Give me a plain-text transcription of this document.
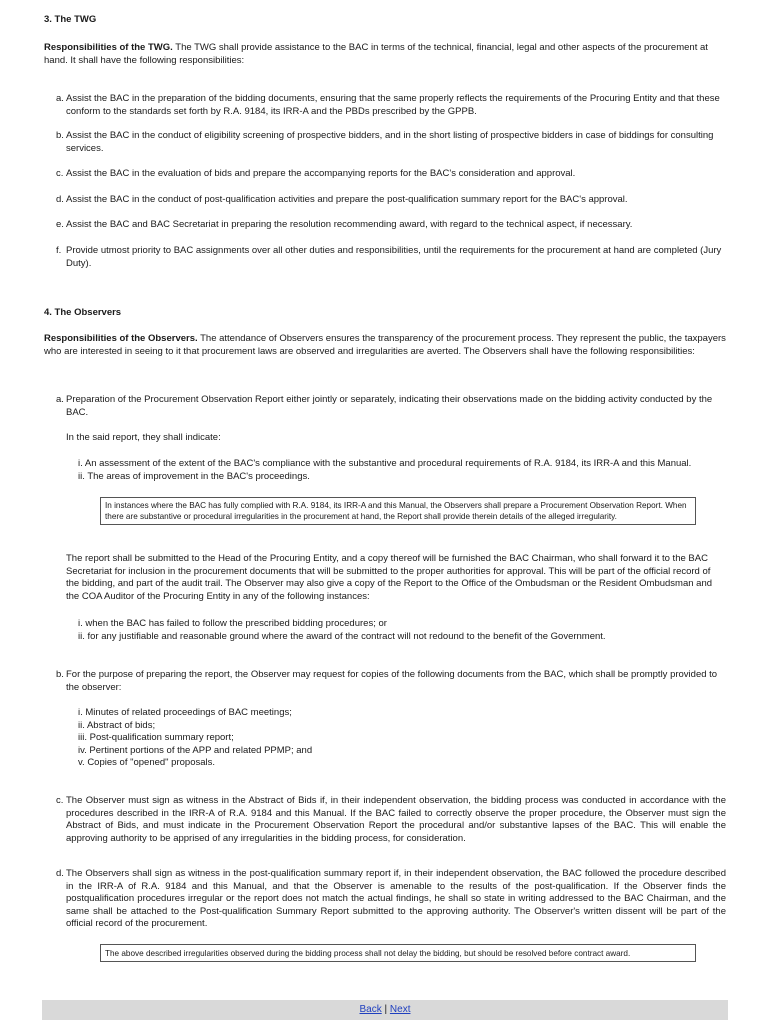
3. The TWG
Responsibilities of the TWG. The TWG shall provide assistance to the BAC in terms of the technical, financial, legal and other aspects of the procurement at hand. It shall have the following responsibilities:
a. Assist the BAC in the preparation of the bidding documents, ensuring that the same properly reflects the requirements of the Procuring Entity and that these conform to the standards set forth by R.A. 9184, its IRR-A and the PBDs prescribed by the GPPB.
b. Assist the BAC in the conduct of eligibility screening of prospective bidders, and in the short listing of prospective bidders in case of biddings for consulting services.
c. Assist the BAC in the evaluation of bids and prepare the accompanying reports for the BAC's consideration and approval.
d. Assist the BAC in the conduct of post-qualification activities and prepare the post-qualification summary report for the BAC's approval.
e. Assist the BAC and BAC Secretariat in preparing the resolution recommending award, with regard to the technical aspect, if necessary.
f. Provide utmost priority to BAC assignments over all other duties and responsibilities, until the requirements for the procurement at hand are completed (Jury Duty).
4. The Observers
Responsibilities of the Observers. The attendance of Observers ensures the transparency of the procurement process. They represent the public, the taxpayers who are interested in seeing to it that procurement laws are observed and irregularities are averted. The Observers shall have the following responsibilities:
a. Preparation of the Procurement Observation Report either jointly or separately, indicating their observations made on the bidding activity conducted by the BAC.
In the said report, they shall indicate:
i. An assessment of the extent of the BAC's compliance with the substantive and procedural requirements of R.A. 9184, its IRR-A and this Manual.
ii. The areas of improvement in the BAC's proceedings.
In instances where the BAC has fully complied with R.A. 9184, its IRR-A and this Manual, the Observers shall prepare a Procurement Observation Report. When there are substantive or procedural irregularities in the procurement at hand, the Report shall provide therein details of the alleged irregularity.
The report shall be submitted to the Head of the Procuring Entity, and a copy thereof will be furnished the BAC Chairman, who shall forward it to the BAC Secretariat for inclusion in the procurement documents that will be submitted to the proper authorities for approval. This will be part of the official record of the bidding, and part of the audit trail. The Observer may also give a copy of the Report to the Office of the Ombudsman or the Resident Ombudsman and the COA Auditor of the Procuring Entity in any of the following instances:
i. when the BAC has failed to follow the prescribed bidding procedures; or
ii. for any justifiable and reasonable ground where the award of the contract will not redound to the benefit of the Government.
b. For the purpose of preparing the report, the Observer may request for copies of the following documents from the BAC, which shall be promptly provided to the observer:
i. Minutes of related proceedings of BAC meetings;
ii. Abstract of bids;
iii. Post-qualification summary report;
iv. Pertinent portions of the APP and related PPMP; and
v. Copies of "opened" proposals.
c. The Observer must sign as witness in the Abstract of Bids if, in their independent observation, the bidding process was conducted in accordance with the procedures described in the IRR-A of R.A. 9184 and this Manual. If the BAC failed to correctly observe the proper procedure, the Observer must sign the Abstract of Bids, and must indicate in the Procurement Observation Report the procedural and/or substantive lapses of the BAC. This will enable the approving authority to be apprised of any irregularities in the bidding process, for consideration.
d. The Observers shall sign as witness in the post-qualification summary report if, in their independent observation, the BAC followed the procedure described in the IRR-A of R.A. 9184 and this Manual, and that the Observer is amenable to the results of the post-qualification. If the Observer finds the postqualification procedures irregular or the report does not match the actual findings, he shall so state in writing addressed to the BAC Chairman, and the same shall be attached to the Post-qualification Summary Report submitted to the approving authority. The Observer's written dissent will be part of the official record of the procurement.
The above described irregularities observed during the bidding process shall not delay the bidding, but should be resolved before contract award.
Back | Next
